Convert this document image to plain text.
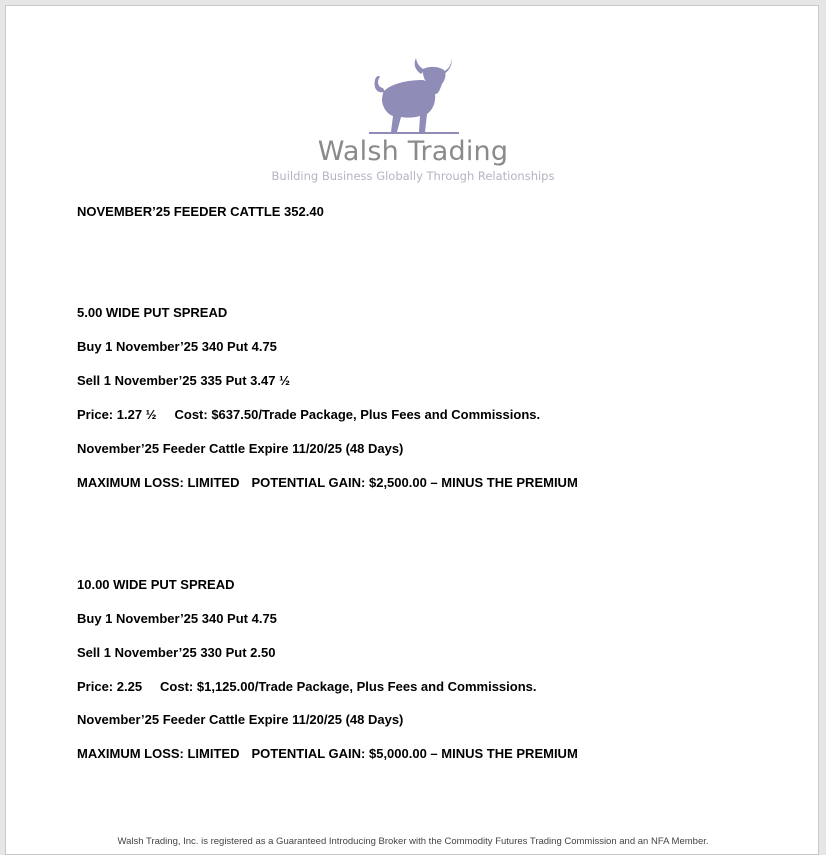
Walsh Trading
Building Business Globally Through Relationships
NOVEMBER’25 FEEDER CATTLE 352.40
5.00 WIDE PUT SPREAD
Buy 1 November’25 340 Put 4.75
Sell 1 November’25 335 Put 3.47 ½
Price: 1.27 ½ Cost: $637.50/Trade Package, Plus Fees and Commissions.
November’25 Feeder Cattle Expire 11/20/25 (48 Days)
MAXIMUM LOSS: LIMITED POTENTIAL GAIN: $2,500.00 – MINUS THE PREMIUM
10.00 WIDE PUT SPREAD
Buy 1 November’25 340 Put 4.75
Sell 1 November’25 330 Put 2.50
Price: 2.25 Cost: $1,125.00/Trade Package, Plus Fees and Commissions.
November’25 Feeder Cattle Expire 11/20/25 (48 Days)
MAXIMUM LOSS: LIMITED POTENTIAL GAIN: $5,000.00 – MINUS THE PREMIUM
Walsh Trading, Inc. is registered as a Guaranteed Introducing Broker with the Commodity Futures Trading Commission and an NFA Member.
